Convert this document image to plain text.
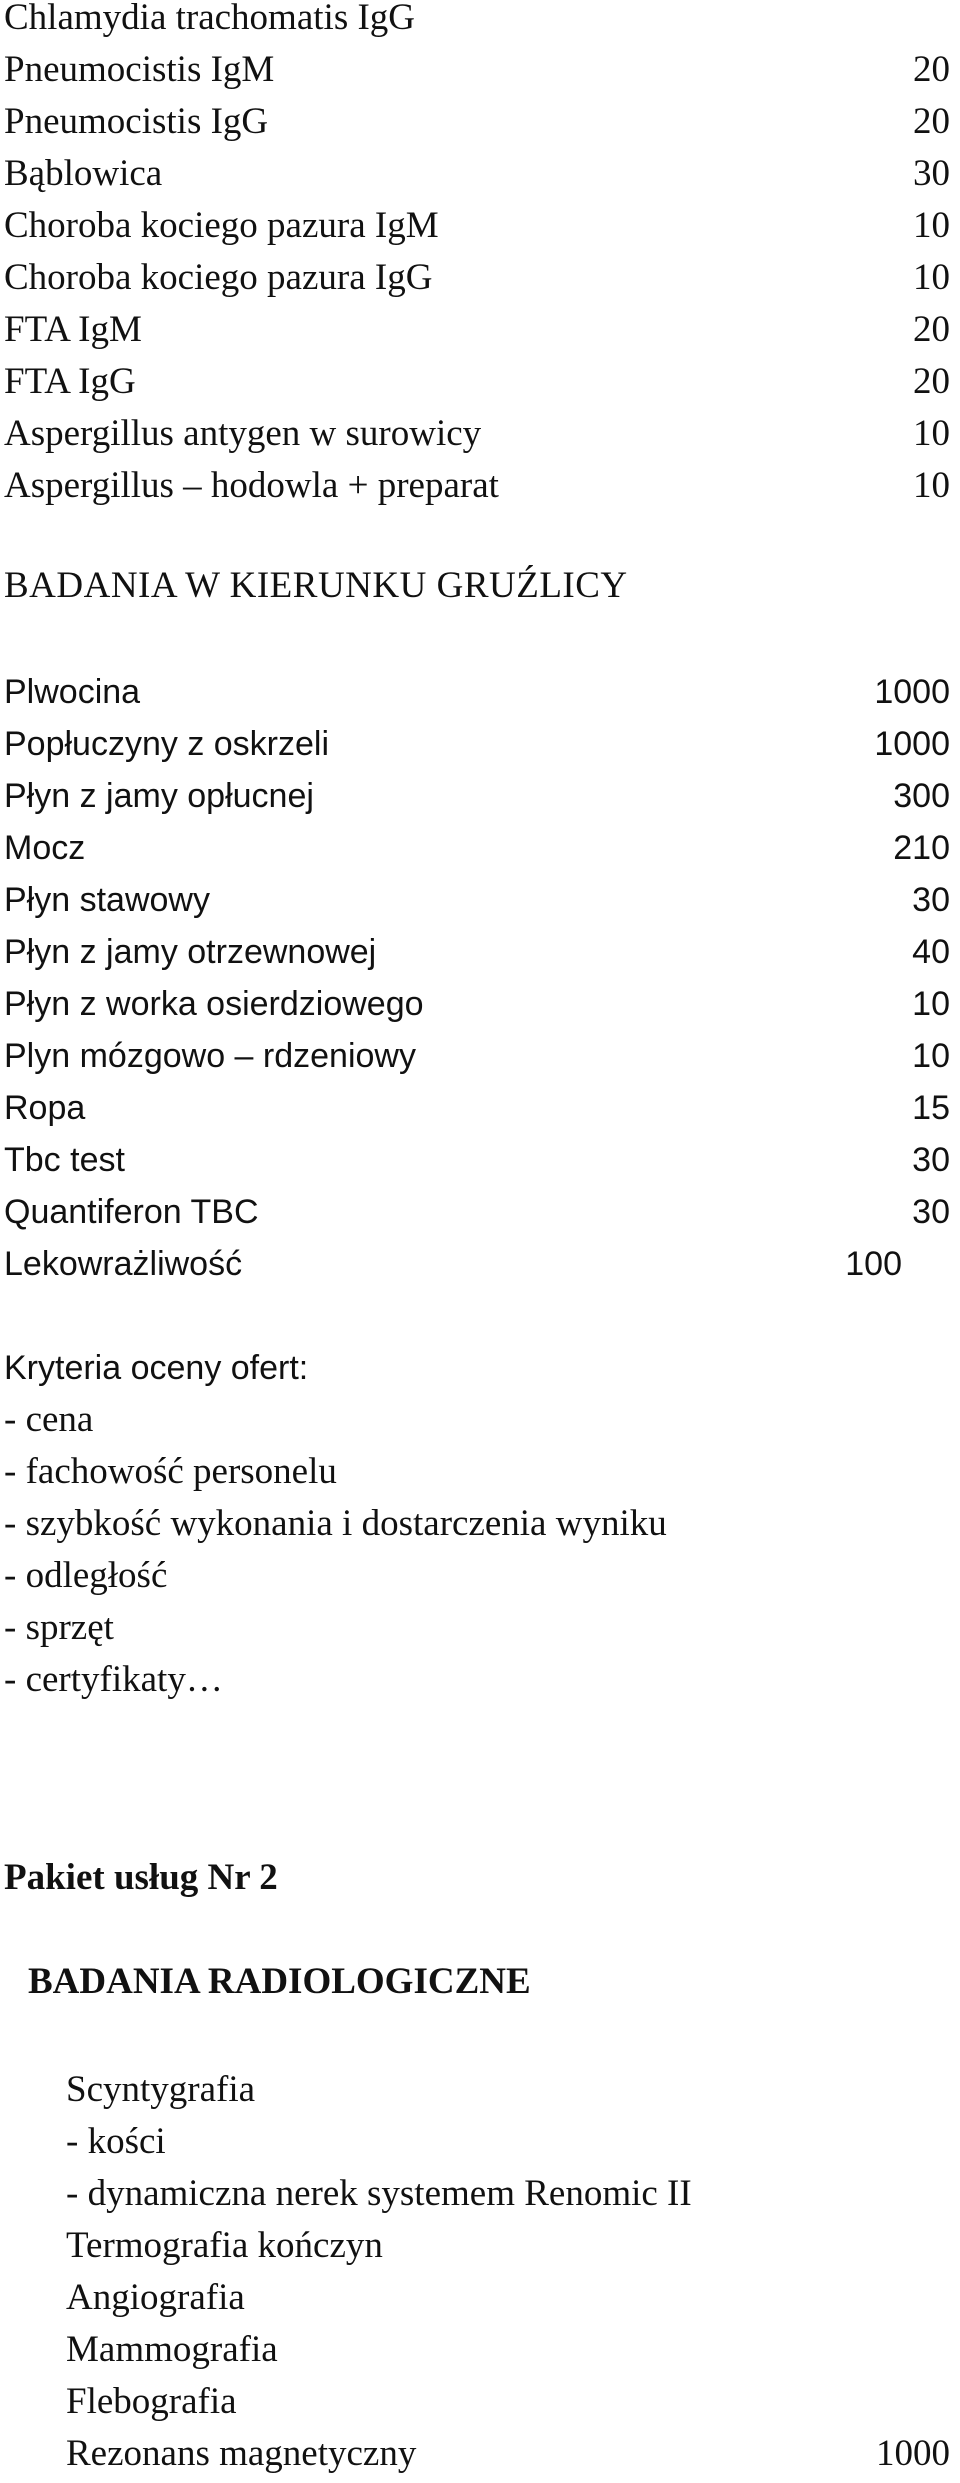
Chlamydia trachomatis IgG
Pneumocistis IgM	20
Pneumocistis IgG	20
Bąblowica	30
Choroba kociego pazura IgM	10
Choroba kociego pazura IgG	10
FTA IgM	20
FTA IgG	20
Aspergillus antygen w surowicy	10
Aspergillus – hodowla + preparat	10
BADANIA W KIERUNKU GRUŹLICY
Plwocina	1000
Popłuczyny z oskrzeli	1000
Płyn z jamy opłucnej	300
Mocz	210
Płyn stawowy	30
Płyn z jamy otrzewnowej	40
Płyn z worka osierdziowego	10
Plyn mózgowo – rdzeniowy	10
Ropa	15
Tbc test	30
Quantiferon TBC	30
Lekowrażliwość	100
Kryteria oceny ofert:
- cena
- fachowość personelu
- szybkość wykonania i dostarczenia wyniku
- odległość
- sprzęt
- certyfikaty…
Pakiet usług Nr 2
BADANIA RADIOLOGICZNE
Scyntygrafia
- kości
- dynamiczna nerek systemem Renomic II
Termografia kończyn
Angiografia
Mammografia
Flebografia
Rezonans magnetyczny	1000
